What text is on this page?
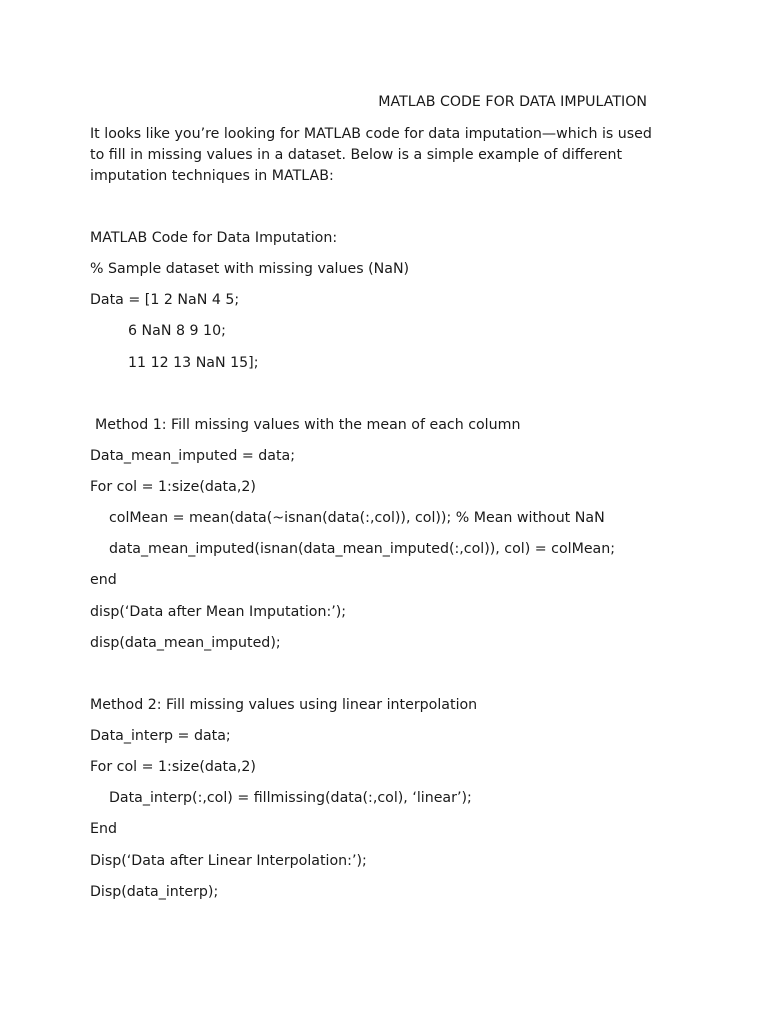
MATLAB CODE FOR DATA IMPULATION

It looks like you’re looking for MATLAB code for data imputation—which is used to fill in missing values in a dataset. Below is a simple example of different imputation techniques in MATLAB:

MATLAB Code for Data Imputation:
% Sample dataset with missing values (NaN)
Data = [1 2 NaN 4 5;
6 NaN 8 9 10;
11 12 13 NaN 15];
Method 1: Fill missing values with the mean of each column
Data_mean_imputed = data;
For col = 1:size(data,2)
colMean = mean(data(~isnan(data(:,col)), col)); % Mean without NaN
data_mean_imputed(isnan(data_mean_imputed(:,col)), col) = colMean;
end
disp(‘Data after Mean Imputation:’);
disp(data_mean_imputed);
Method 2: Fill missing values using linear interpolation
Data_interp = data;
For col = 1:size(data,2)
Data_interp(:,col) = fillmissing(data(:,col), ‘linear’);
End
Disp(‘Data after Linear Interpolation:’);
Disp(data_interp);
